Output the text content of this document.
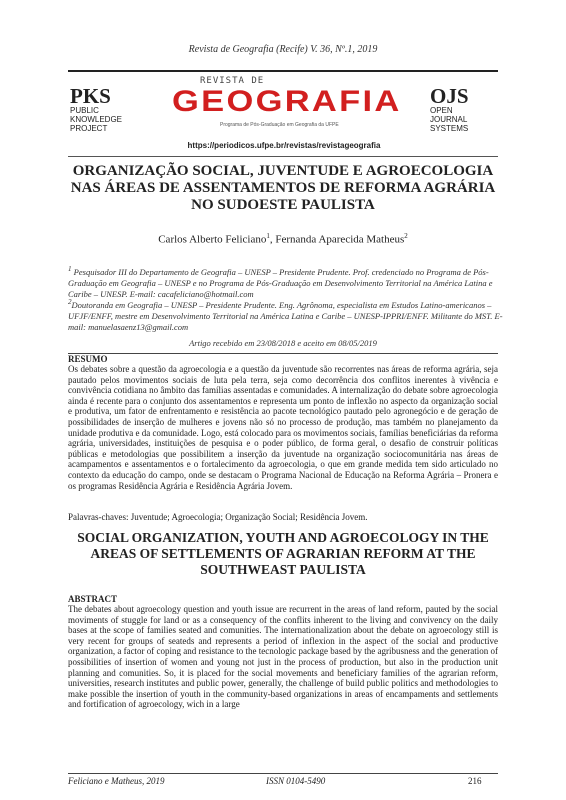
Revista de Geografia (Recife) V. 36, Nº.1, 2019
PKS
PUBLIC
KNOWLEDGE
PROJECT
REVISTA DE
GEOGRAFIA
Programa de Pós-Graduação em Geografia da UFPE
OJS
OPEN
JOURNAL
SYSTEMS
https://periodicos.ufpe.br/revistas/revistageografia
ORGANIZAÇÃO SOCIAL, JUVENTUDE E AGROECOLOGIA NAS ÁREAS DE ASSENTAMENTOS DE REFORMA AGRÁRIA NO SUDOESTE PAULISTA
Carlos Alberto Feliciano$^1$, Fernanda Aparecida Matheus$^2$
$^1$ Pesquisador III do Departamento de Geografia – UNESP – Presidente Prudente. Prof. credenciado no Programa de Pós-Graduação em Geografia – UNESP e no Programa de Pós-Graduação em Desenvolvimento Territorial na América Latina e Caribe – UNESP. E-mail: cacafeliciano@hotmail.com
$^2$Doutoranda em Geografia – UNESP – Presidente Prudente. Eng. Agrônoma, especialista em Estudos Latino-americanos – UFJF/ENFF, mestre em Desenvolvimento Territorial na América Latina e Caribe – UNESP-IPPRI/ENFF. Militante do MST. E-mail: manuelasaenz13@gmail.com
Artigo recebido em 23/08/2018 e aceito em 08/05/2019
RESUMO
Os debates sobre a questão da agroecologia e a questão da juventude são recorrentes nas áreas de reforma agrária, seja pautado pelos movimentos sociais de luta pela terra, seja como decorrência dos conflitos inerentes à vivência e convivência cotidiana no âmbito das famílias assentadas e comunidades. A internalização do debate sobre agroecologia ainda é recente para o conjunto dos assentamentos e representa um ponto de inflexão no aspecto da organização social e produtiva, um fator de enfrentamento e resistência ao pacote tecnológico pautado pelo agronegócio e de geração de possibilidades de inserção de mulheres e jovens não só no processo de produção, mas também no planejamento da unidade produtiva e da comunidade. Logo, está colocado para os movimentos sociais, famílias beneficiárias da reforma agrária, universidades, instituições de pesquisa e o poder público, de forma geral, o desafio de construir políticas públicas e metodologias que possibilitem a inserção da juventude na organização sociocomunitária nas áreas de acampamentos e assentamentos e o fortalecimento da agroecologia, o que em grande medida tem sido articulado no contexto da educação do campo, onde se destacam o Programa Nacional de Educação na Reforma Agrária – Pronera e os programas Residência Agrária e Residência Agrária Jovem.
Palavras-chaves: Juventude; Agroecologia; Organização Social; Residência Jovem.
SOCIAL ORGANIZATION, YOUTH AND AGROECOLOGY IN THE AREAS OF SETTLEMENTS OF AGRARIAN REFORM AT THE SOUTHWEAST PAULISTA
ABSTRACT
The debates about agroecology question and youth issue are recurrent in the areas of land reform, pauted by the social moviments of stuggle for land or as a consequency of the conflits inherent to the living and convivency on the daily bases at the scope of families seated and comunities. The internationalization about the debate on agroecology still is very recent for groups of seateds and represents a period of inflexion in the aspect of the social and productive organization, a factor of coping and resistance to the tecnologic package based by the agribusness and the generation of possibilities of insertion of women and young not just in the process of production, but also in the production unit planning and comunities. So, it is placed for the social movements and beneficiary families of the agrarian reform, universities, research institutes and public power, generally, the challenge of build public politics and methodologies to make possible the insertion of youth in the community-based organizations in areas of encampaments and settlements and fortification of agroecology, wich in a large
Feliciano e Matheus, 2019	ISSN 0104-5490	216
